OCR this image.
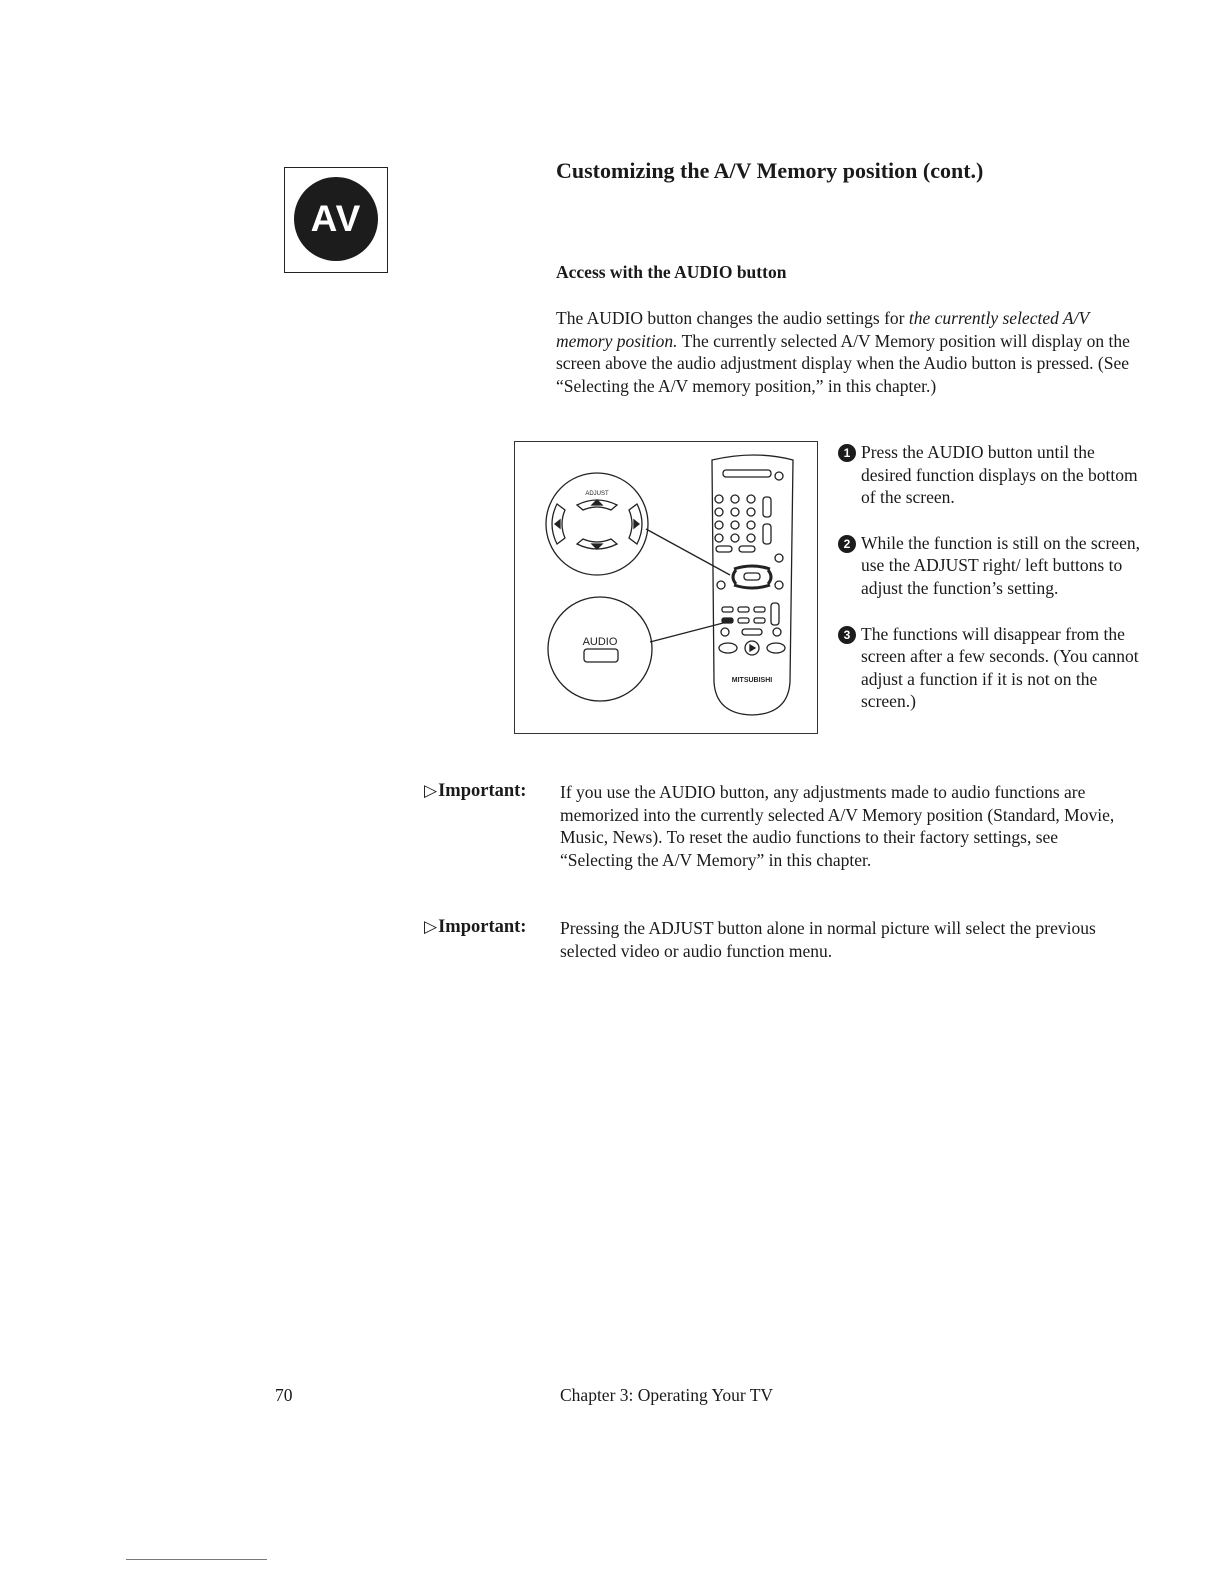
AV
Customizing the A/V Memory position (cont.)
Access with the AUDIO button

The AUDIO button changes the audio settings for the currently selected A/V memory position. The currently selected A/V Memory position will display on the screen above the audio adjustment display when the Audio button is pressed. (See “Selecting the A/V memory position,” in this chapter.)

ADJUST
AUDIO
MITSUBISHI
1 Press the AUDIO button until the desired function displays on the bottom of the screen.
2 While the function is still on the screen, use the ADJUST right/ left buttons to adjust the function’s setting.
3 The functions will disappear from the screen after a few seconds. (You cannot adjust a function if it is not on the screen.)
▷Important: If you use the AUDIO button, any adjustments made to audio functions are memorized into the currently selected A/V Memory position (Standard, Movie, Music, News). To reset the audio functions to their factory settings, see “Selecting the A/V Memory” in this chapter.

▷Important: Pressing the ADJUST button alone in normal picture will select the previous selected video or audio function menu.

70	Chapter 3: Operating Your TV
